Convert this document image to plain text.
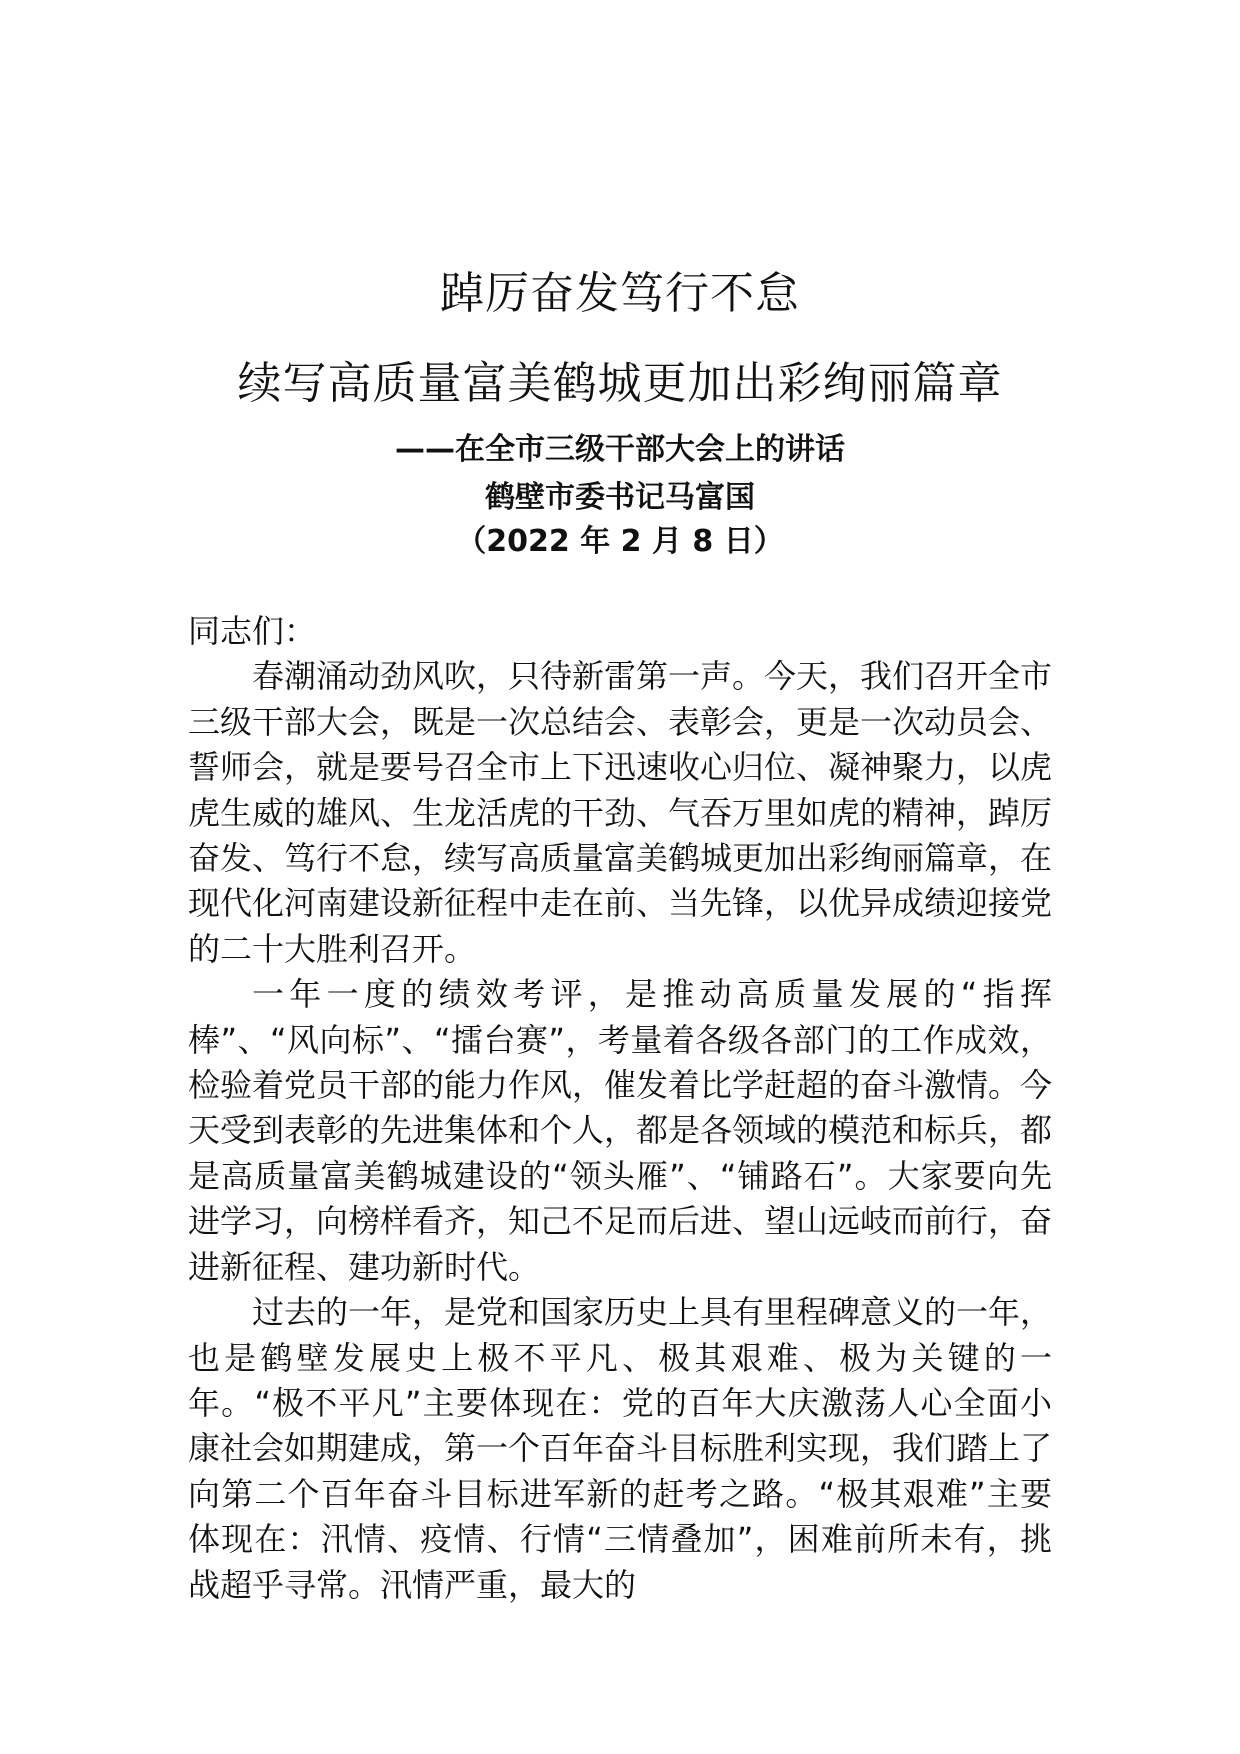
踔厉奋发笃行不怠
续写高质量富美鹤城更加出彩绚丽篇章
——在全市三级干部大会上的讲话
鹤壁市委书记马富国
（2022 年 2 月 8 日）

同志们：

春潮涌动劲风吹，只待新雷第一声。今天，我们召开全市三级干部大会，既是一次总结会、表彰会，更是一次动员会、誓师会，就是要号召全市上下迅速收心归位、凝神聚力，以虎虎生威的雄风、生龙活虎的干劲、气吞万里如虎的精神，踔厉奋发、笃行不怠，续写高质量富美鹤城更加出彩绚丽篇章，在现代化河南建设新征程中走在前、当先锋，以优异成绩迎接党的二十大胜利召开。

一年一度的绩效考评，是推动高质量发展的“指挥棒”、“风向标”、“擂台赛”，考量着各级各部门的工作成效，检验着党员干部的能力作风，催发着比学赶超的奋斗激情。今天受到表彰的先进集体和个人，都是各领域的模范和标兵，都是高质量富美鹤城建设的“领头雁”、“铺路石”。大家要向先进学习，向榜样看齐，知己不足而后进、望山远岐而前行，奋进新征程、建功新时代。

过去的一年，是党和国家历史上具有里程碑意义的一年，也是鹤壁发展史上极不平凡、极其艰难、极为关键的一年。“极不平凡”主要体现在：党的百年大庆激荡人心全面小康社会如期建成，第一个百年奋斗目标胜利实现，我们踏上了向第二个百年奋斗目标进军新的赶考之路。“极其艰难”主要体现在：汛情、疫情、行情“三情叠加”，困难前所未有，挑战超乎寻常。汛情严重，最大的
